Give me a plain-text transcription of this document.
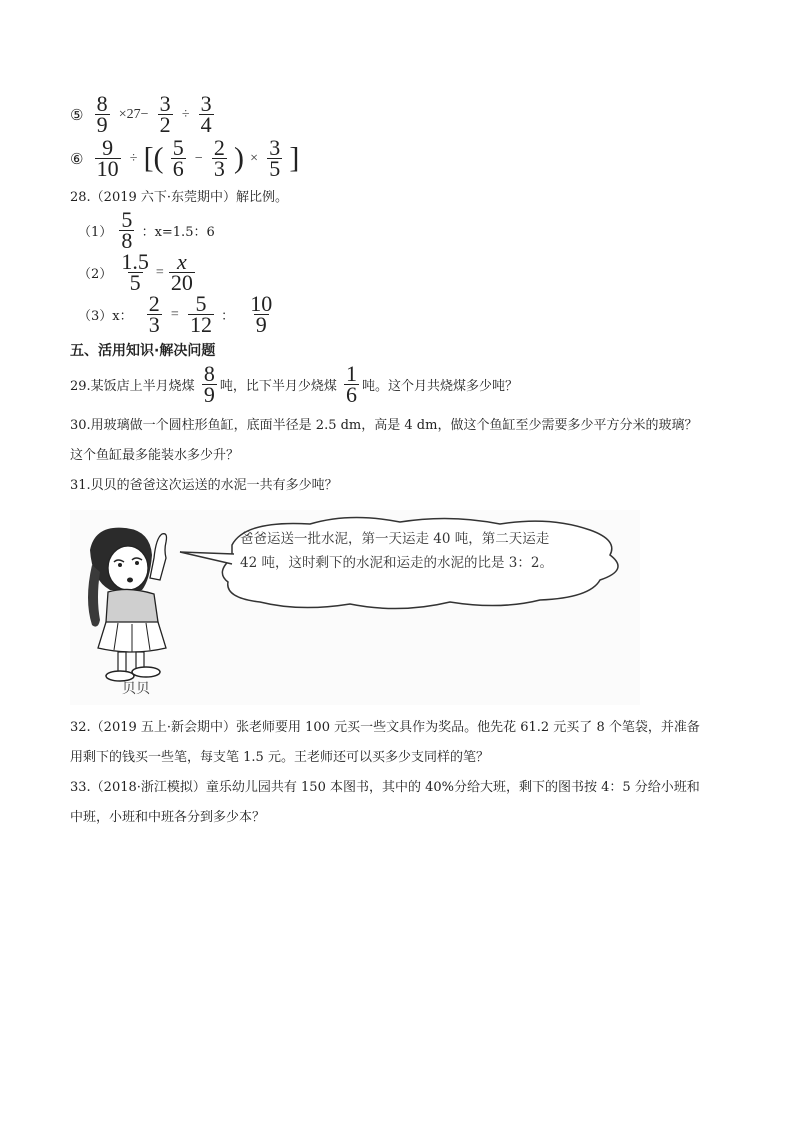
⑤ $\frac{8}{9} \times 27- \frac{3}{2} \div \frac{3}{4}$
⑥ $\frac{9}{10}$ ÷ [( $\frac{5}{6} - \frac{2}{3}$ ) × $\frac{3}{5}$ ]
28.（2019 六下·东莞期中）解比例。
$(1) \frac{5}{8}$ ：x=1.5：6
$(2) \frac{1.5}{5} = \frac{x}{20}$
（3）x： $\frac{2}{3} = \frac{5}{12}$ ： $\frac{10}{9}$
五、活用知识·解决问题
29.某饭店上半月烧煤 $\frac{8}{9}$ 吨，比下半月少烧煤 $\frac{1}{6}$ 吨。这个月共烧煤多少吨？
30.用玻璃做一个圆柱形鱼缸，底面半径是 2.5 dm，高是 4 dm，做这个鱼缸至少需要多少平方分米的玻璃？
这个鱼缸最多能装水多少升？
31.贝贝的爸爸这次运送的水泥一共有多少吨？
爸爸运送一批水泥，第一天运走 40 吨，第二天运走
42 吨，这时剩下的水泥和运走的水泥的比是 3：2。
贝贝
32.（2019 五上·新会期中）张老师要用 100 元买一些文具作为奖品。他先花 61.2 元买了 8 个笔袋，并准备
用剩下的钱买一些笔，每支笔 1.5 元。王老师还可以买多少支同样的笔？
33.（2018·浙江模拟）童乐幼儿园共有 150 本图书，其中的 40%分给大班，剩下的图书按 4：5 分给小班和
中班，小班和中班各分到多少本？
